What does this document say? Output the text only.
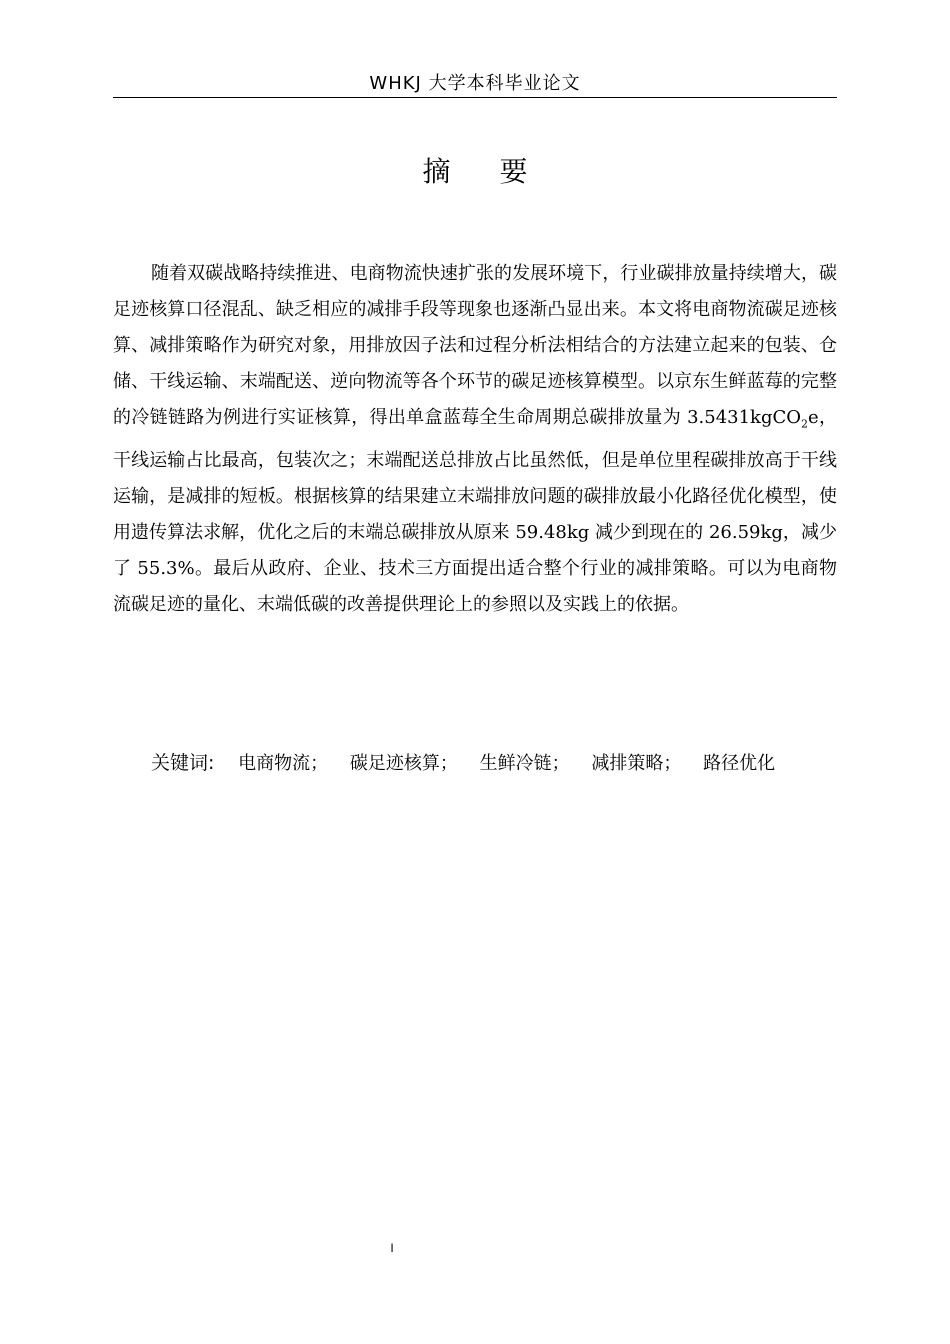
WHKJ 大学本科毕业论文
摘 要

随着双碳战略持续推进、电商物流快速扩张的发展环境下，行业碳排放量持续增大，碳足迹核算口径混乱、缺乏相应的减排手段等现象也逐渐凸显出来。本文将电商物流碳足迹核算、减排策略作为研究对象，用排放因子法和过程分析法相结合的方法建立起来的包装、仓储、干线运输、末端配送、逆向物流等各个环节的碳足迹核算模型。以京东生鲜蓝莓的完整的冷链链路为例进行实证核算，得出单盒蓝莓全生命周期总碳排放量为 3.5431kgCO$_2$e，干线运输占比最高，包装次之；末端配送总排放占比虽然低，但是单位里程碳排放高于干线运输，是减排的短板。根据核算的结果建立末端排放问题的碳排放最小化路径优化模型，使用遗传算法求解，优化之后的末端总碳排放从原来 59.48kg 减少到现在的 26.59kg，减少了 55.3%。最后从政府、企业、技术三方面提出适合整个行业的减排策略。可以为电商物流碳足迹的量化、末端低碳的改善提供理论上的参照以及实践上的依据。

关键词: 电商物流； 碳足迹核算； 生鲜冷链； 减排策略； 路径优化
I
